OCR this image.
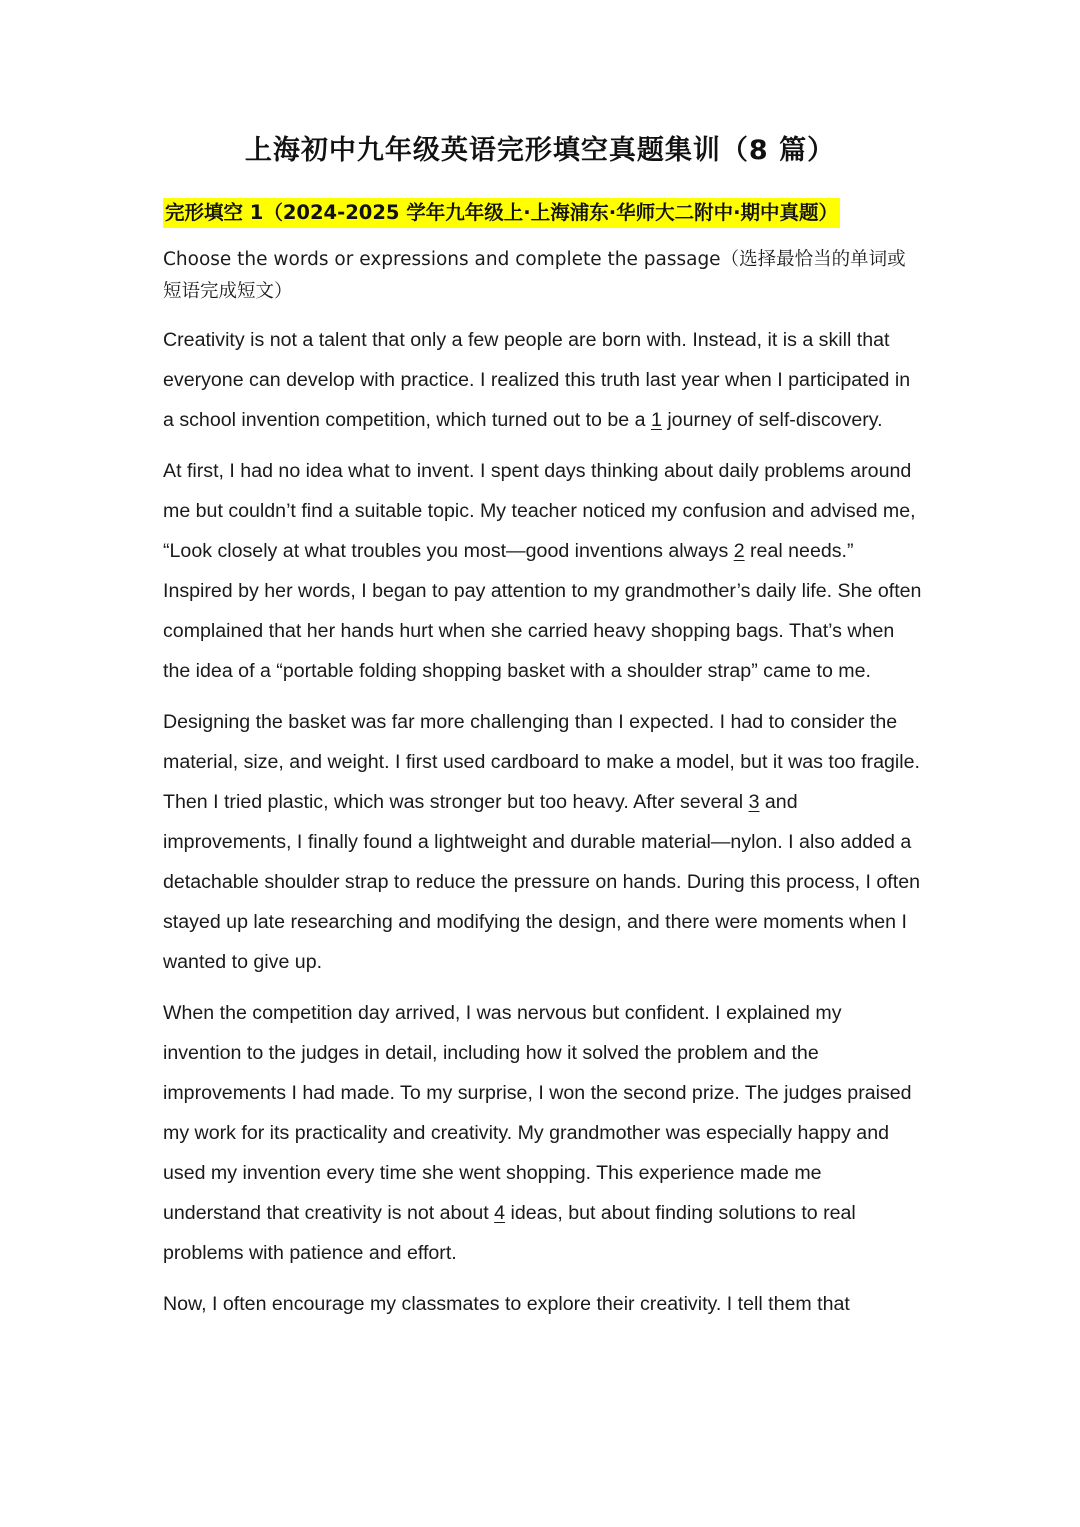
上海初中九年级英语完形填空真题集训（8 篇）
完形填空 1（2024-2025 学年九年级上·上海浦东·华师大二附中·期中真题）

Choose the words or expressions and complete the passage（选择最恰当的单词或短语完成短文）

Creativity is not a talent that only a few people are born with. Instead, it is a skill that everyone can develop with practice. I realized this truth last year when I participated in a school invention competition, which turned out to be a 1 journey of self-discovery.

At first, I had no idea what to invent. I spent days thinking about daily problems around me but couldn’t find a suitable topic. My teacher noticed my confusion and advised me, “Look closely at what troubles you most—good inventions always 2 real needs.” Inspired by her words, I began to pay attention to my grandmother’s daily life. She often complained that her hands hurt when she carried heavy shopping bags. That’s when the idea of a “portable folding shopping basket with a shoulder strap” came to me.

Designing the basket was far more challenging than I expected. I had to consider the material, size, and weight. I first used cardboard to make a model, but it was too fragile. Then I tried plastic, which was stronger but too heavy. After several 3 and improvements, I finally found a lightweight and durable material—nylon. I also added a detachable shoulder strap to reduce the pressure on hands. During this process, I often stayed up late researching and modifying the design, and there were moments when I wanted to give up.

When the competition day arrived, I was nervous but confident. I explained my invention to the judges in detail, including how it solved the problem and the improvements I had made. To my surprise, I won the second prize. The judges praised my work for its practicality and creativity. My grandmother was especially happy and used my invention every time she went shopping. This experience made me understand that creativity is not about 4 ideas, but about finding solutions to real problems with patience and effort.

Now, I often encourage my classmates to explore their creativity. I tell them that
